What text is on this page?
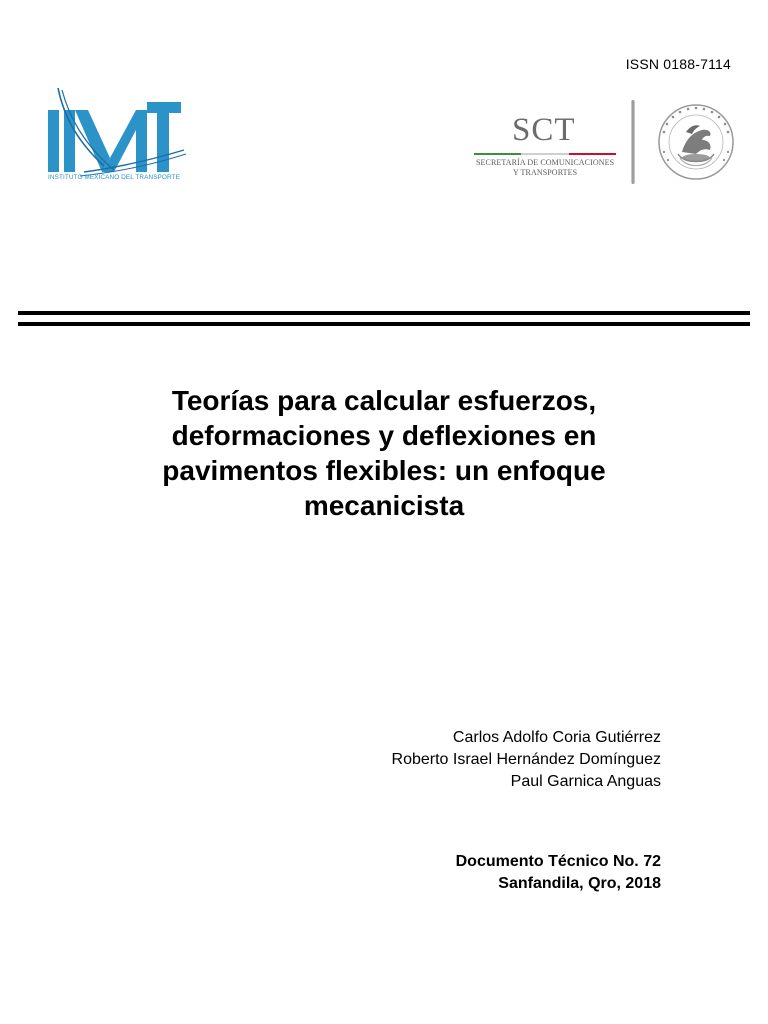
ISSN 0188-7114
INSTITUTO MEXICANO DEL TRANSPORTE
SCT
SECRETARÍA DE COMUNICACIONES
Y TRANSPORTES
Teorías para calcular esfuerzos,
deformaciones y deflexiones en
pavimentos flexibles: un enfoque
mecanicista
Carlos Adolfo Coria Gutiérrez
Roberto Israel Hernández Domínguez
Paul Garnica Anguas
Documento Técnico No. 72
Sanfandila, Qro, 2018
